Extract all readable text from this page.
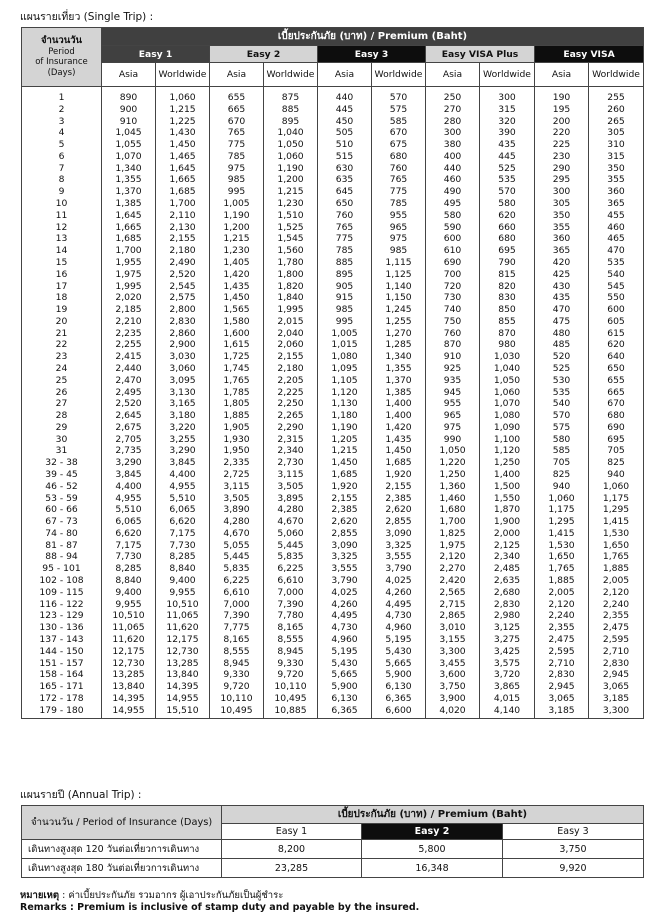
แผนรายเที่ยว (Single Trip) :
จำนวนวัน
Period
of Insurance
(Days)	เบี้ยประกันภัย (บาท) / Premium (Baht)									
	Easy 1		Easy 2		Easy 3		Easy VISA Plus		Easy VISA	
	Asia	Worldwide	Asia	Worldwide	Asia	Worldwide	Asia	Worldwide	Asia	Worldwide
1	890	1,060	655	875	440	570	250	300	190	255
2	900	1,215	665	885	445	575	270	315	195	260
3	910	1,225	670	895	450	585	280	320	200	265
4	1,045	1,430	765	1,040	505	670	300	390	220	305
5	1,055	1,450	775	1,050	510	675	380	435	225	310
6	1,070	1,465	785	1,060	515	680	400	445	230	315
7	1,340	1,645	975	1,190	630	760	440	525	290	350
8	1,355	1,665	985	1,200	635	765	460	535	295	355
9	1,370	1,685	995	1,215	645	775	490	570	300	360
10	1,385	1,700	1,005	1,230	650	785	495	580	305	365
11	1,645	2,110	1,190	1,510	760	955	580	620	350	455
12	1,665	2,130	1,200	1,525	765	965	590	660	355	460
13	1,685	2,155	1,215	1,545	775	975	600	680	360	465
14	1,700	2,180	1,230	1,560	785	985	610	695	365	470
15	1,955	2,490	1,405	1,780	885	1,115	690	790	420	535
16	1,975	2,520	1,420	1,800	895	1,125	700	815	425	540
17	1,995	2,545	1,435	1,820	905	1,140	720	820	430	545
18	2,020	2,575	1,450	1,840	915	1,150	730	830	435	550
19	2,185	2,800	1,565	1,995	985	1,245	740	850	470	600
20	2,210	2,830	1,580	2,015	995	1,255	750	855	475	605
21	2,235	2,860	1,600	2,040	1,005	1,270	760	870	480	615
22	2,255	2,900	1,615	2,060	1,015	1,285	870	980	485	620
23	2,415	3,030	1,725	2,155	1,080	1,340	910	1,030	520	640
24	2,440	3,060	1,745	2,180	1,095	1,355	925	1,040	525	650
25	2,470	3,095	1,765	2,205	1,105	1,370	935	1,050	530	655
26	2,495	3,130	1,785	2,225	1,120	1,385	945	1,060	535	665
27	2,520	3,165	1,805	2,250	1,130	1,400	955	1,070	540	670
28	2,645	3,180	1,885	2,265	1,180	1,400	965	1,080	570	680
29	2,675	3,220	1,905	2,290	1,190	1,420	975	1,090	575	690
30	2,705	3,255	1,930	2,315	1,205	1,435	990	1,100	580	695
31	2,735	3,290	1,950	2,340	1,215	1,450	1,050	1,120	585	705
32 - 38	3,290	3,845	2,335	2,730	1,450	1,685	1,220	1,250	705	825
39 - 45	3,845	4,400	2,725	3,115	1,685	1,920	1,250	1,400	825	940
46 - 52	4,400	4,955	3,115	3,505	1,920	2,155	1,360	1,500	940	1,060
53 - 59	4,955	5,510	3,505	3,895	2,155	2,385	1,460	1,550	1,060	1,175
60 - 66	5,510	6,065	3,890	4,280	2,385	2,620	1,680	1,870	1,175	1,295
67 - 73	6,065	6,620	4,280	4,670	2,620	2,855	1,700	1,900	1,295	1,415
74 - 80	6,620	7,175	4,670	5,060	2,855	3,090	1,825	2,000	1,415	1,530
81 - 87	7,175	7,730	5,055	5,445	3,090	3,325	1,975	2,125	1,530	1,650
88 - 94	7,730	8,285	5,445	5,835	3,325	3,555	2,120	2,340	1,650	1,765
95 - 101	8,285	8,840	5,835	6,225	3,555	3,790	2,270	2,485	1,765	1,885
102 - 108	8,840	9,400	6,225	6,610	3,790	4,025	2,420	2,635	1,885	2,005
109 - 115	9,400	9,955	6,610	7,000	4,025	4,260	2,565	2,680	2,005	2,120
116 - 122	9,955	10,510	7,000	7,390	4,260	4,495	2,715	2,830	2,120	2,240
123 - 129	10,510	11,065	7,390	7,780	4,495	4,730	2,865	2,980	2,240	2,355
130 - 136	11,065	11,620	7,775	8,165	4,730	4,960	3,010	3,125	2,355	2,475
137 - 143	11,620	12,175	8,165	8,555	4,960	5,195	3,155	3,275	2,475	2,595
144 - 150	12,175	12,730	8,555	8,945	5,195	5,430	3,300	3,425	2,595	2,710
151 - 157	12,730	13,285	8,945	9,330	5,430	5,665	3,455	3,575	2,710	2,830
158 - 164	13,285	13,840	9,330	9,720	5,665	5,900	3,600	3,720	2,830	2,945
165 - 171	13,840	14,395	9,720	10,110	5,900	6,130	3,750	3,865	2,945	3,065
172 - 178	14,395	14,955	10,110	10,495	6,130	6,365	3,900	4,015	3,065	3,185
179 - 180	14,955	15,510	10,495	10,885	6,365	6,600	4,020	4,140	3,185	3,300
แผนรายปี (Annual Trip) :
จำนวนวัน / Period of Insurance (Days)	เบี้ยประกันภัย (บาท) / Premium (Baht)		
	Easy 1	Easy 2	Easy 3
เดินทางสูงสุด 120 วันต่อเที่ยวการเดินทาง	8,200	5,800	3,750
เดินทางสูงสุด 180 วันต่อเที่ยวการเดินทาง	23,285	16,348	9,920
หมายเหตุ : ค่าเบี้ยประกันภัย รวมอากร ผู้เอาประกันภัยเป็นผู้ชำระ
Remarks : Premium is inclusive of stamp duty and payable by the insured.
